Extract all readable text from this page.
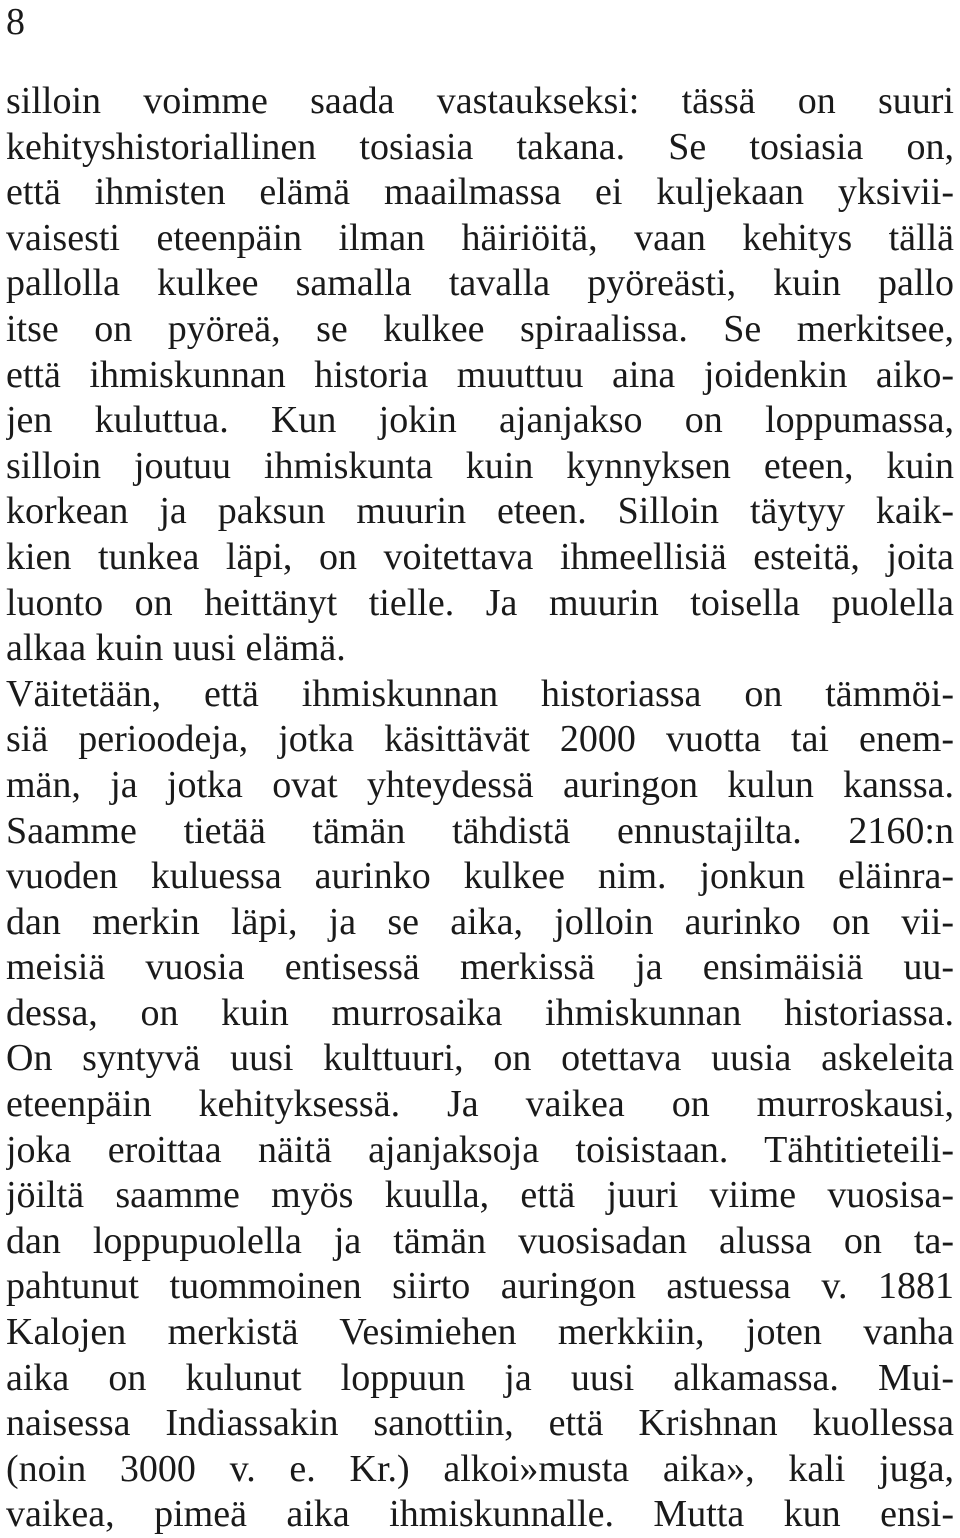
8
silloin voimme saada vastaukseksi: tässä on suuri
kehityshistoriallinen tosiasia takana. Se tosiasia on,
että ihmisten elämä maailmassa ei kuljekaan yksivii-
vaisesti eteenpäin ilman häiriöitä, vaan kehitys tällä
pallolla kulkee samalla tavalla pyöreästi, kuin pallo
itse on pyöreä, se kulkee spiraalissa. Se merkitsee,
että ihmiskunnan historia muuttuu aina joidenkin aiko-
jen kuluttua. Kun jokin ajanjakso on loppumassa,
silloin joutuu ihmiskunta kuin kynnyksen eteen, kuin
korkean ja paksun muurin eteen. Silloin täytyy kaik-
kien tunkea läpi, on voitettava ihmeellisiä esteitä, joita
luonto on heittänyt tielle. Ja muurin toisella puolella
alkaa kuin uusi elämä.
Väitetään, että ihmiskunnan historiassa on tämmöi-
siä perioodeja, jotka käsittävät 2000 vuotta tai enem-
män, ja jotka ovat yhteydessä auringon kulun kanssa.
Saamme tietää tämän tähdistä ennustajilta. 2160:n
vuoden kuluessa aurinko kulkee nim. jonkun eläinra-
dan merkin läpi, ja se aika, jolloin aurinko on vii-
meisiä vuosia entisessä merkissä ja ensimäisiä uu-
dessa, on kuin murrosaika ihmiskunnan historiassa.
On syntyvä uusi kulttuuri, on otettava uusia askeleita
eteenpäin kehityksessä. Ja vaikea on murroskausi,
joka eroittaa näitä ajanjaksoja toisistaan. Tähtitieteili-
jöiltä saamme myös kuulla, että juuri viime vuosisa-
dan loppupuolella ja tämän vuosisadan alussa on ta-
pahtunut tuommoinen siirto auringon astuessa v. 1881
Kalojen merkistä Vesimiehen merkkiin, joten vanha
aika on kulunut loppuun ja uusi alkamassa. Mui-
naisessa Indiassakin sanottiin, että Krishnan kuollessa
(noin 3000 v. e. Kr.) alkoi»musta aika», kali juga,
vaikea, pimeä aika ihmiskunnalle. Mutta kun ensi-
